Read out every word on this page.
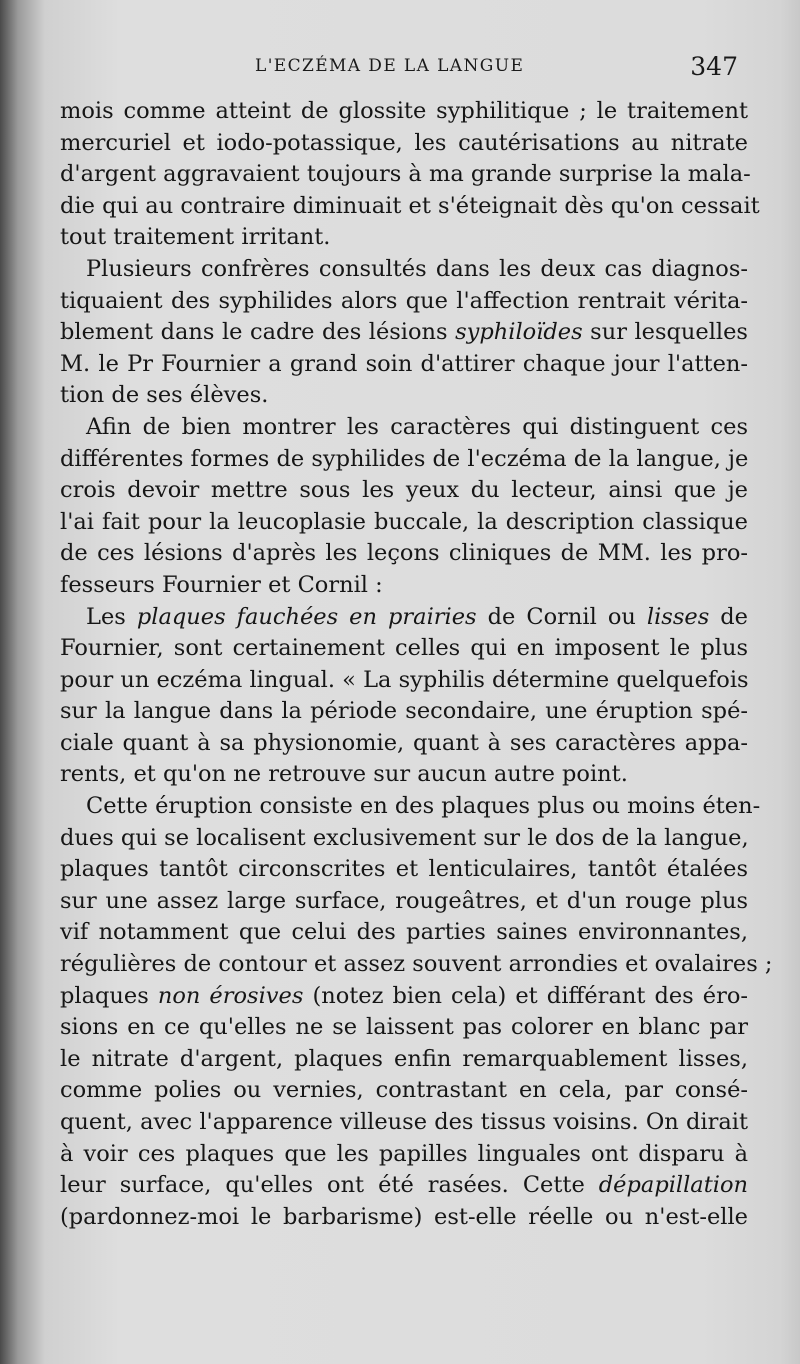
L'ECZÉMA DE LA LANGUE	347
mois comme atteint de glossite syphilitique ; le traitement
mercuriel et iodo-potassique, les cautérisations au nitrate
d'argent aggravaient toujours à ma grande surprise la mala-
die qui au contraire diminuait et s'éteignait dès qu'on cessait
tout traitement irritant.
Plusieurs confrères consultés dans les deux cas diagnos-
tiquaient des syphilides alors que l'affection rentrait vérita-
blement dans le cadre des lésions syphiloïdes sur lesquelles
M. le Pr Fournier a grand soin d'attirer chaque jour l'atten-
tion de ses élèves.
Afin de bien montrer les caractères qui distinguent ces
différentes formes de syphilides de l'eczéma de la langue, je
crois devoir mettre sous les yeux du lecteur, ainsi que je
l'ai fait pour la leucoplasie buccale, la description classique
de ces lésions d'après les leçons cliniques de MM. les pro-
fesseurs Fournier et Cornil :
Les plaques fauchées en prairies de Cornil ou lisses de
Fournier, sont certainement celles qui en imposent le plus
pour un eczéma lingual. « La syphilis détermine quelquefois
sur la langue dans la période secondaire, une éruption spé-
ciale quant à sa physionomie, quant à ses caractères appa-
rents, et qu'on ne retrouve sur aucun autre point.
Cette éruption consiste en des plaques plus ou moins éten-
dues qui se localisent exclusivement sur le dos de la langue,
plaques tantôt circonscrites et lenticulaires, tantôt étalées
sur une assez large surface, rougeâtres, et d'un rouge plus
vif notamment que celui des parties saines environnantes,
régulières de contour et assez souvent arrondies et ovalaires ;
plaques non érosives (notez bien cela) et différant des éro-
sions en ce qu'elles ne se laissent pas colorer en blanc par
le nitrate d'argent, plaques enfin remarquablement lisses,
comme polies ou vernies, contrastant en cela, par consé-
quent, avec l'apparence villeuse des tissus voisins. On dirait
à voir ces plaques que les papilles linguales ont disparu à
leur surface, qu'elles ont été rasées. Cette dépapillation
(pardonnez-moi le barbarisme) est-elle réelle ou n'est-elle
